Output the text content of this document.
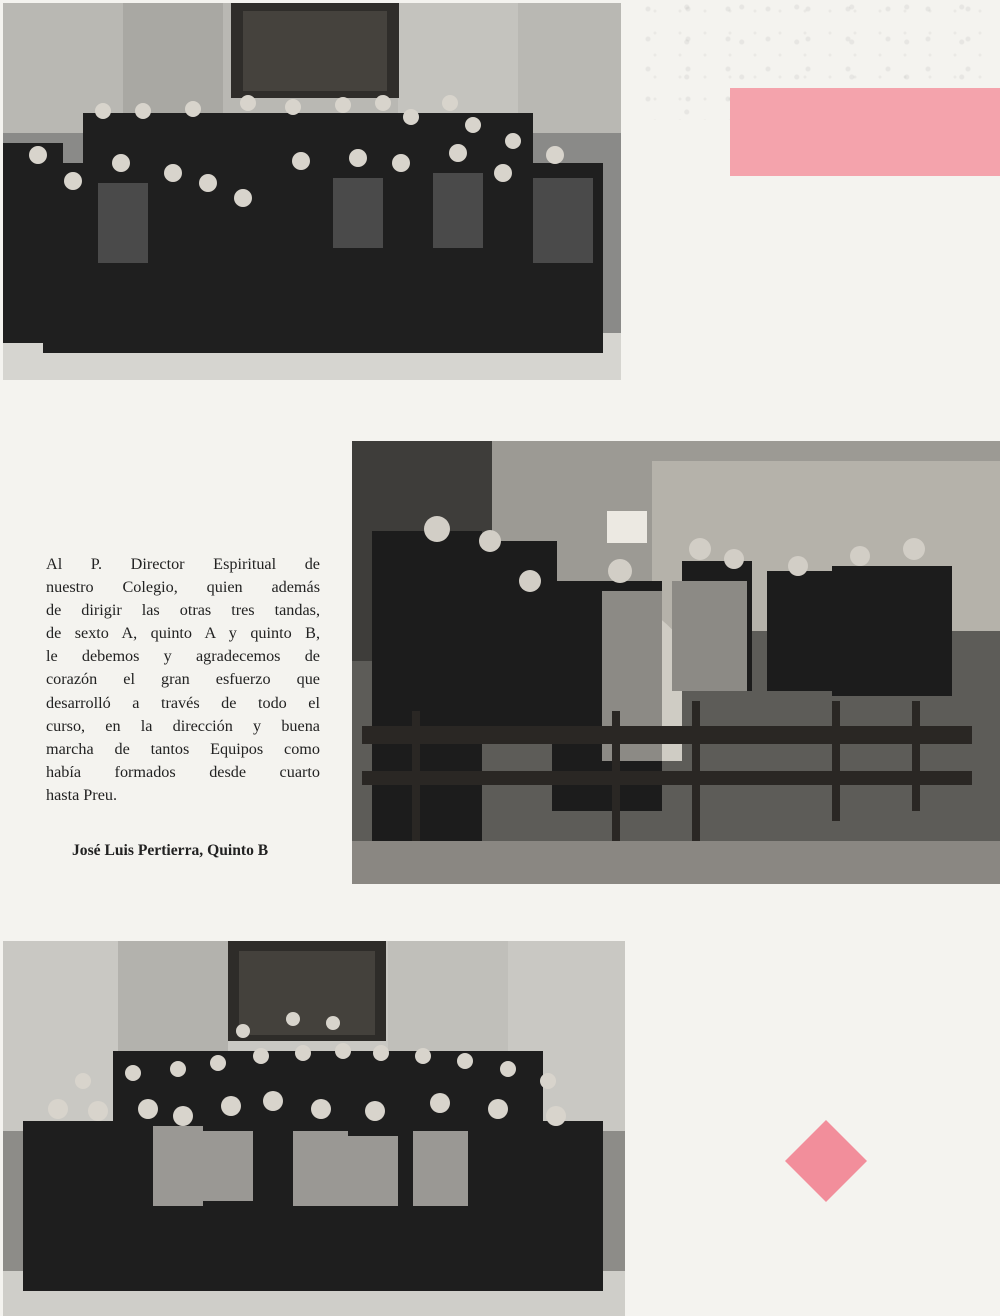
Al P. Director Espiritual de
nuestro Colegio, quien además
de dirigir las otras tres tandas,
de sexto A, quinto A y quinto B,
le debemos y agradecemos de
corazón el gran esfuerzo que
desarrolló a través de todo el
curso, en la dirección y buena
marcha de tantos Equipos como
había formados desde cuarto
hasta Preu.
José Luis Pertierra, Quinto B
